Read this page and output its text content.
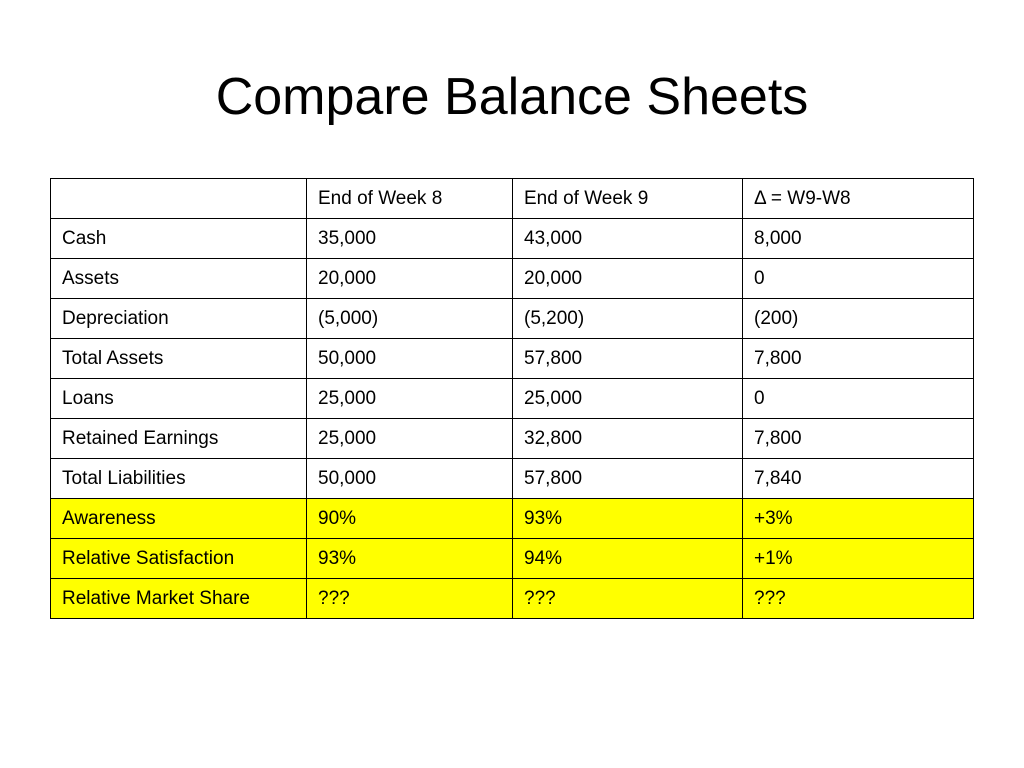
Compare Balance Sheets
	End of Week 8	End of Week 9	Δ = W9-W8
Cash	35,000	43,000	8,000
Assets	20,000	20,000	0
Depreciation	(5,000)	(5,200)	(200)
Total Assets	50,000	57,800	7,800
Loans	25,000	25,000	0
Retained Earnings	25,000	32,800	7,800
Total Liabilities	50,000	57,800	7,840
Awareness	90%	93%	+3%
Relative Satisfaction	93%	94%	+1%
Relative Market Share	???	???	???
